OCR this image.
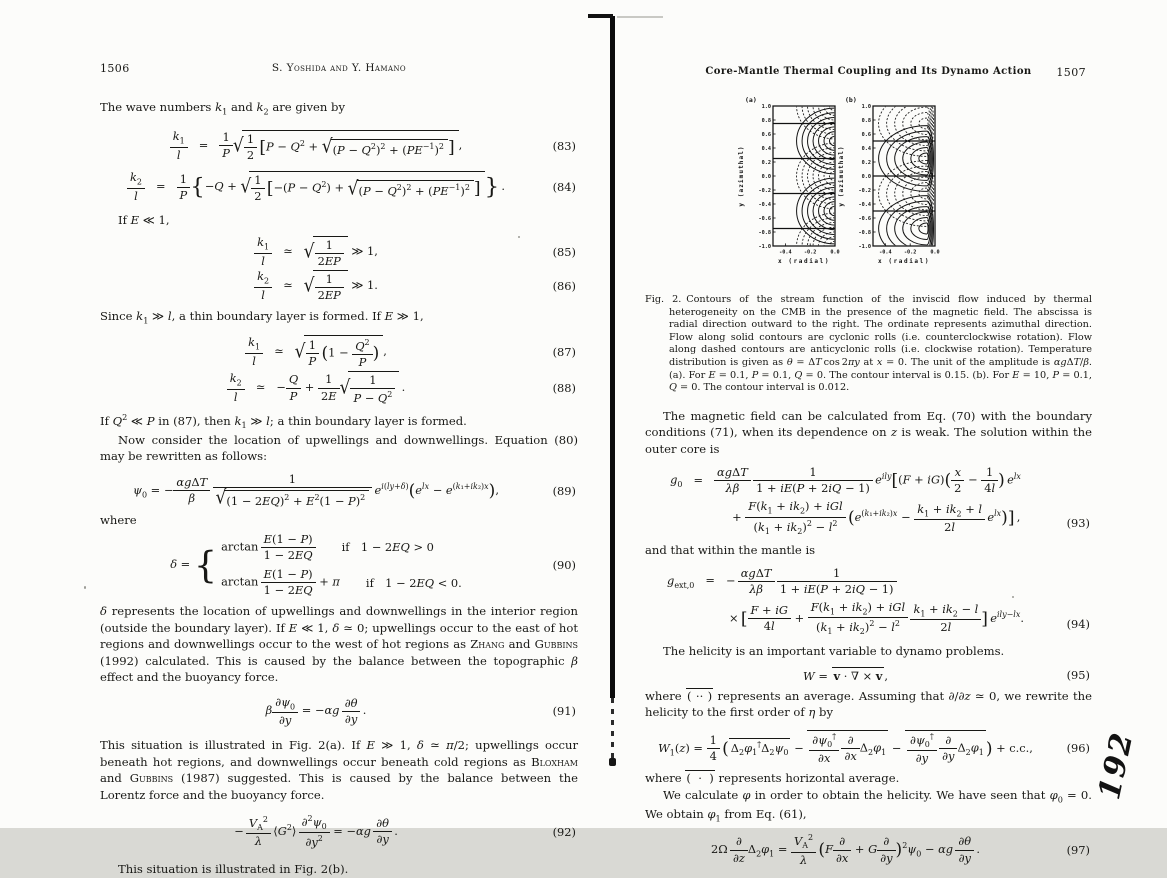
192
1506	S. Yoshida and Y. Hamano

The wave numbers $k_1$ and $k_2$ are given by

$\frac{k_1}{l} = \frac{1}{P}$ √ $\frac{1}{2}$
  [$P - Q^2 + √(P - Q^2)^2 + (PE^{-1})^2$ ] ,	(83)
$\frac{k_2}{l} = \frac{1}{P} \{-Q$ + √ $\frac{1}{2}$
  [$-(P - Q^2) + √(P - Q^2)^2 + (PE^{-1})^2$ ] } .	(84)

If E ≪ 1,

$\frac{k_1}{l}$ ≃ √ $\frac{1}{2EP}$ ≫ 1,	(85)
$\frac{k_2}{l}$ ≃ √ $\frac{1}{2EP}$ ≫ 1.	(86)

Since $k_1$ ≫ l, a thin boundary layer is formed. If E ≫ 1,

$\frac{k_1}{l}$ ≃ √ $\frac{1}{P}$
  ($1 - \frac{Q^2}{P}$ ) ,	(87)
$\frac{k_2}{l}$ ≃ − $\frac{Q}{P} + \frac{1}{2E}$ √ $\frac{1}{P - Q^2}$  .	(88)

If $Q^2$ ≪ P in (87), then $k_1$ ≫ l; a thin boundary layer is formed.

Now consider the location of upwellings and downwellings. Equation (80) may be rewritten as follows:

$\psi_0$ = −
αgΔT
β
 	$\frac{1}{√(1 - 2EQ)^2 + E^2(1 - P)^2}$
  $e^{i(ly+\delta)}(e^{lx} - e^{(k_1+ik_2)x})$,	(89)

where

δ = { $\arctan \frac{E(1 - P)}{1 - 2EQ}$ if  1 − 2EQ > 0
$\arctan \frac{E(1 - P)}{1 - 2EQ} + \pi$ if  1 − 2EQ < 0.
(90)

δ represents the location of upwellings and downwellings in the interior region (outside the boundary layer). If E ≪ 1, δ ≃ 0; upwellings occur to the east of hot regions and downwellings occur to the west of hot regions as Zhang and Gubbins (1992) calculated. This is caused by the balance between the topographic β effect and the buoyancy force.

β $\frac{\partial\psi_0}{\partial y} = -\alpha g \frac{\partial\theta}{\partial y}$  .	(91)

This situation is illustrated in Fig. 2(a). If E ≫ 1, δ ≃ π/2; upwellings occur beneath hot regions, and downwellings occur beneath cold regions as Bloxham and Gubbins (1987) suggested. This is caused by the balance between the Lorentz force and the buoyancy force.

−  $\frac{V_A^2}{\lambda}$
  $⟨G^2⟩ \frac{\partial^2\psi_0}{\partial y^2} = -\alpha g \frac{\partial\theta}{\partial y}$  .	(92)

This situation is illustrated in Fig. 2(b).

Core-Mantle Thermal Coupling and Its Dynamo Action	1507
(a)
1.0
0.8
0.6
0.4
0.2
0.0
-0.2
-0.4
-0.6
-0.8
-1.0
-0.4 -0.2	0.0
x (radial)
y (azimuthal)
(b)
1.0
0.8
0.6
0.4
0.2
0.0
-0.2
-0.4
-0.6
-0.8
-1.0
-0.4 -0.2	0.0
x (radial)
y (azimuthal)

Fig. 2.  Contours of the stream function of the inviscid flow induced by thermal heterogeneity on the CMB in the presence of the magnetic field. The abscissa is radial direction outward to the right. The ordinate represents azimuthal direction. Flow along solid contours are cyclonic rolls (i.e. counterclockwise rotation). Flow along dashed contours are anticyclonic rolls (i.e. clockwise rotation). Temperature distribution is given as θ = ΔT cos 2πy at x = 0. The unit of the amplitude is αgΔT/β. (a). For E = 0.1, P = 0.1, Q = 0. The contour interval is 0.15. (b). For E = 10, P = 0.1, Q = 0. The contour interval is 0.012.

The magnetic field can be calculated from Eq. (70) with the boundary conditions (71), when its dependence on z is weak. The solution within the outer core is

$g_0$ =
αgΔT
λβ
 	$\frac{1}{1 + iE(P + 2iQ - 1)}$
  $e^{ily}[(F + iG)( \frac{x}{2} - \frac{1}{4l}$ )  $e^{lx}$
+
$F(k_1 + ik_2)$ + iGl
$(k_1 + ik_2)^2 - l^2$
  ($e^{(k_1+ik_2)x} - \frac{k_1 + ik_2 + l}{2l}$
  $e^{lx}$)] ,	(93)

and that within the mantle is

$g_{ext,0}$ = − 
αgΔT
λβ
 	$\frac{1}{1 + iE(P + 2iQ - 1)}$
× [ $\frac{F + iG}{4l}$ +
$F(k_1 + ik_2)$ + iGl
$(k_1 + ik_2)^2 - l^2$
  $\frac{k_1 + ik_2 - l}{2l}$ ]  $e^{ily-lx}$.	(94)

The helicity is an important variable to dynamo problems.

W = v · ∇ × v ,	(95)

where ( ·· ) represents an average. Assuming that ∂/∂z ≃ 0, we rewrite the helicity to the first order of η by

$W_1(z) = \frac{1}{4}$
  ( $\Delta_2\varphi_1^\dagger\Delta_2\psi_0 - \frac{\partial\psi_0^\dagger}{\partial x}$
  ∂
∂x
$\Delta_2\varphi_1 - \frac{\partial\psi_0^\dagger}{\partial y}$
  ∂
∂y
$\Delta_2\varphi_1$ ) + c.c.,	(96)

where (  ·  ) represents horizontal average.

We calculate φ in order to obtain the helicity. We have seen that $\varphi_0 = 0$. We obtain $\varphi_1$ from Eq. (61),

2Ω 
∂
∂z
$\Delta_2\varphi_1 = \frac{V_A^2}{\lambda}$
  (F
∂
∂x
+ G
∂
∂y )$^2\psi_0 - \alpha g \frac{\partial\theta}{\partial y}$  .	(97)
